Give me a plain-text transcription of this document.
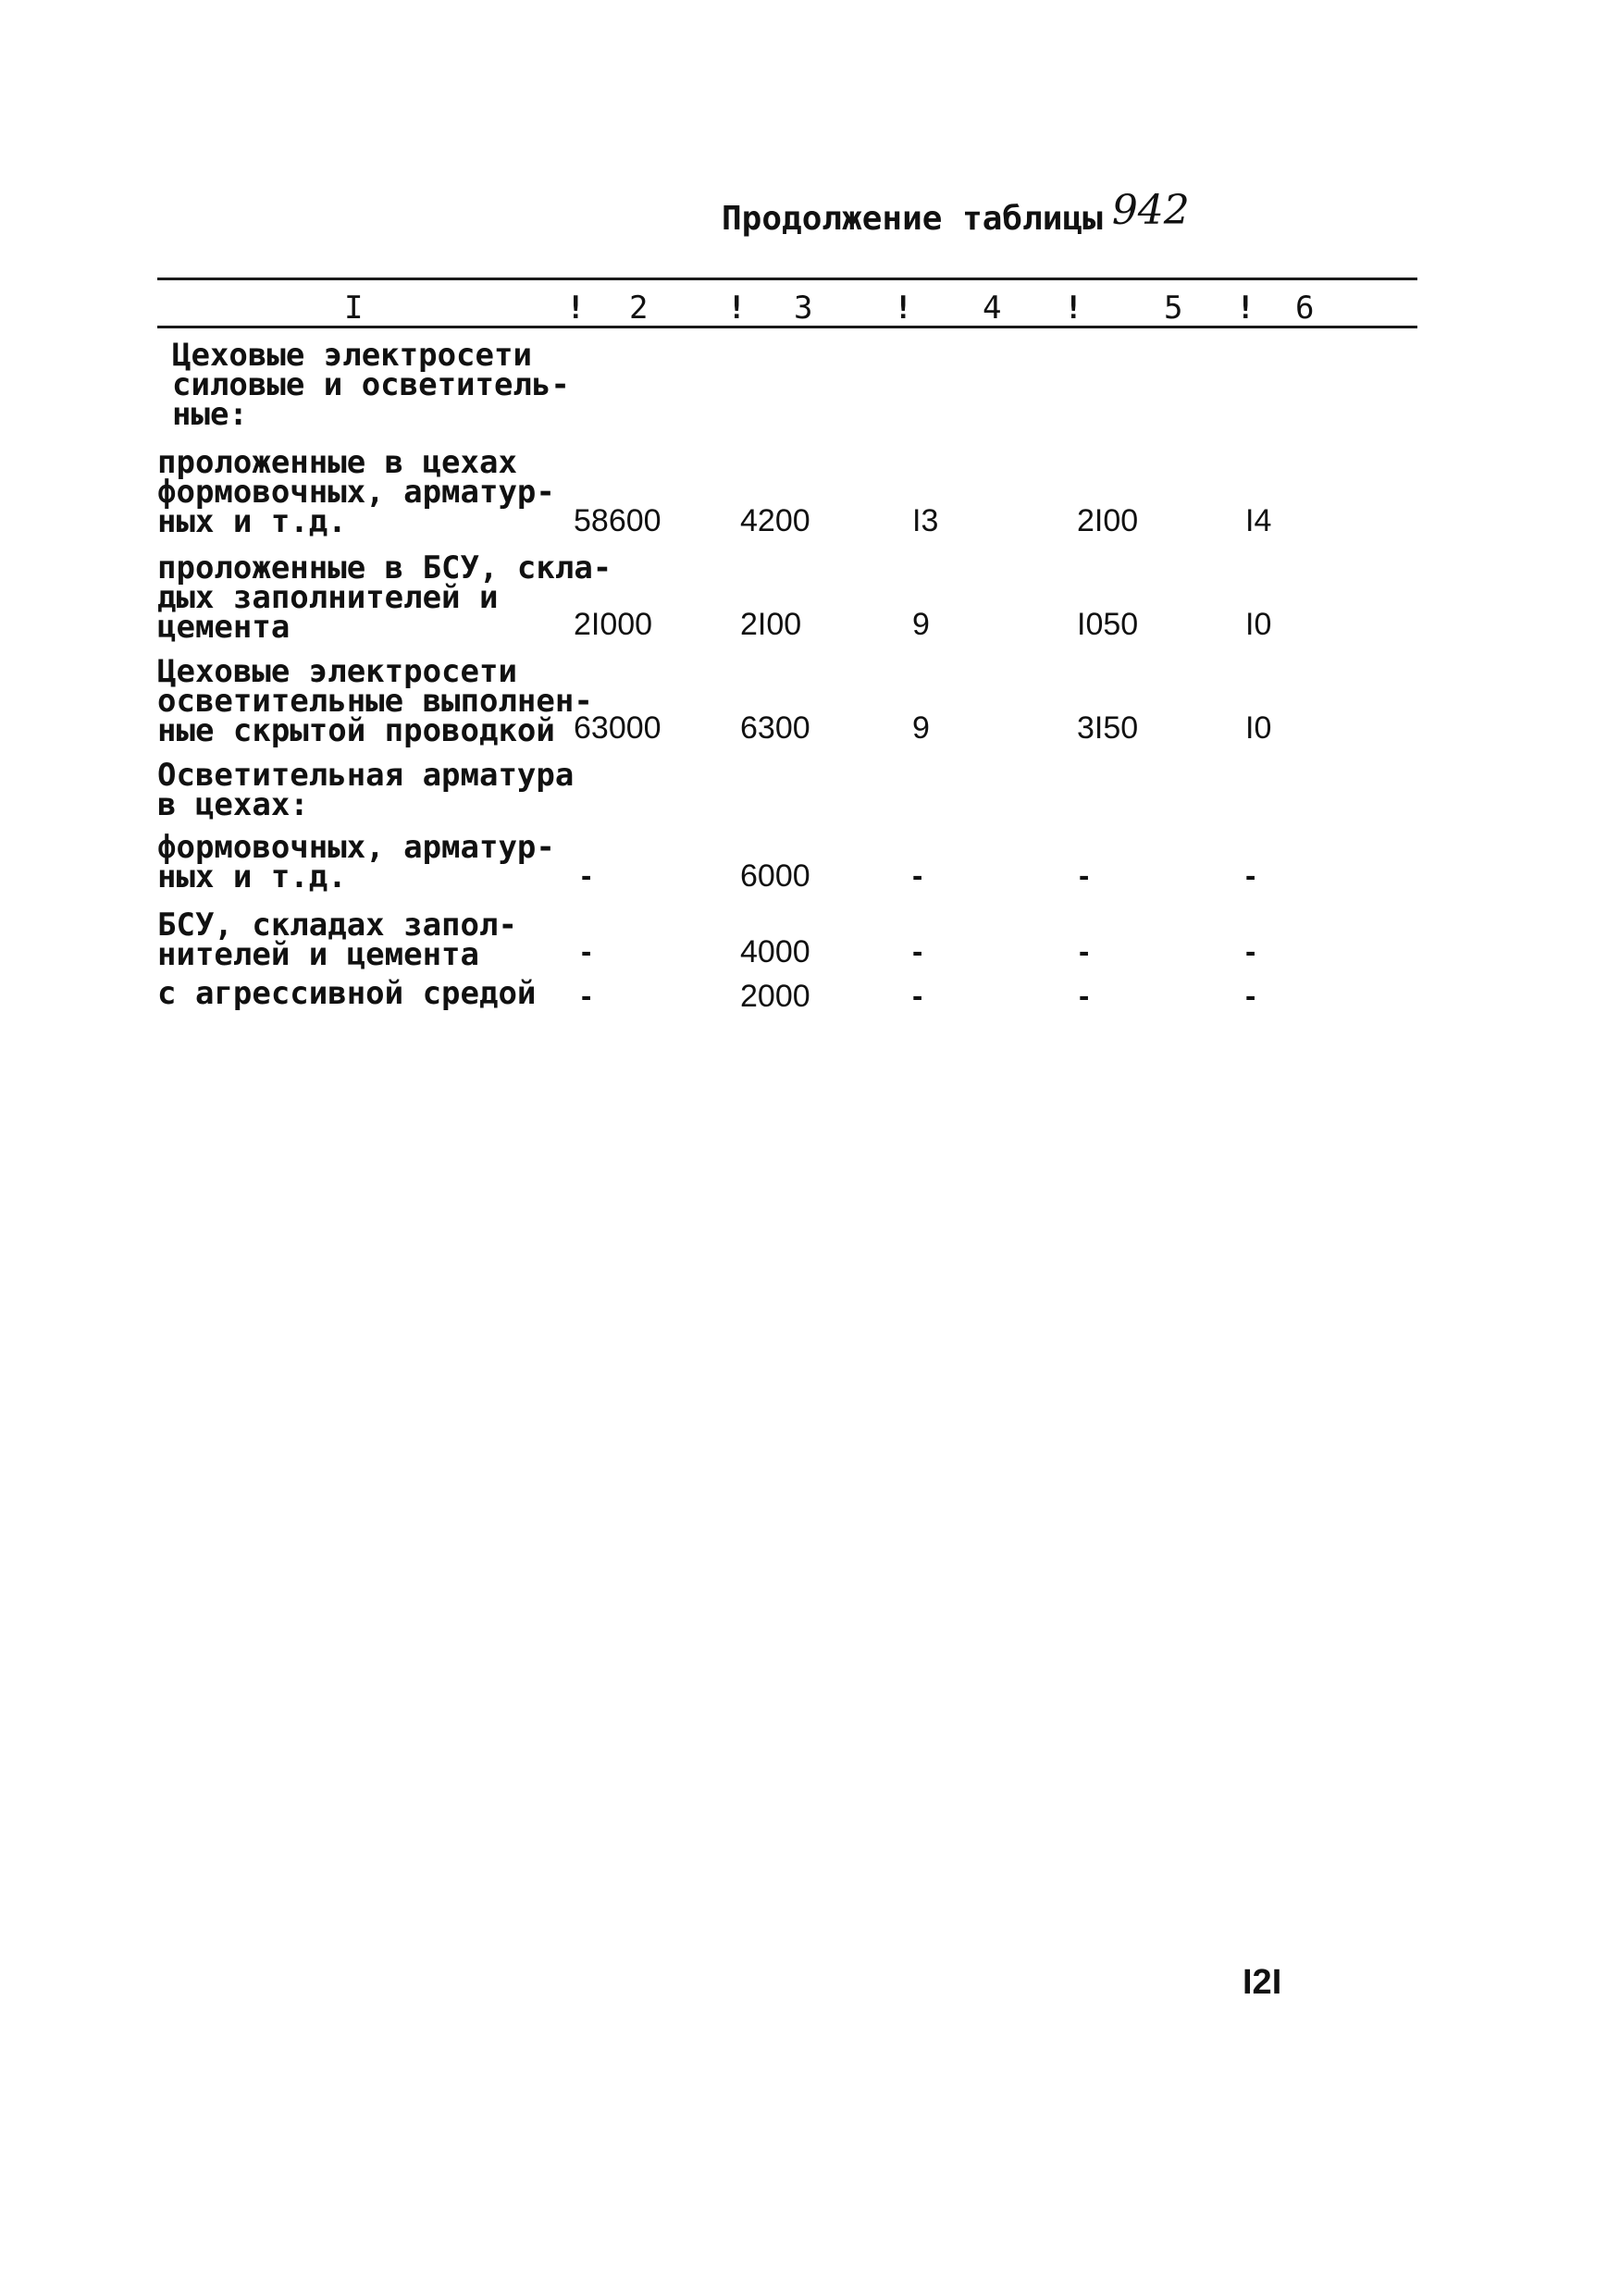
Продолжение таблицы 942
I	! 2	! 3	! 4 !	5 ! 6
Цеховые электросети
силовые и осветитель-
ные:
проложенные в цехах
формовочных, арматур-
ных и т.д.	58600	4200	I3	2I00	I4
проложенные в БСУ, скла-
дых заполнителей и
цемента	2I000	2I00	9	I050	I0
Цеховые электросети
осветительные выполнен-
ные скрытой проводкой 63000	6300	9	3I50	I0
Осветительная арматура
в цехах:
формовочных, арматур-
ных и т.д.	-	6000	-	-	-
БСУ, складах запол-
нителей и цемента	-	4000	-	-	-
с агрессивной средой -	2000	-	-	-
I2I
